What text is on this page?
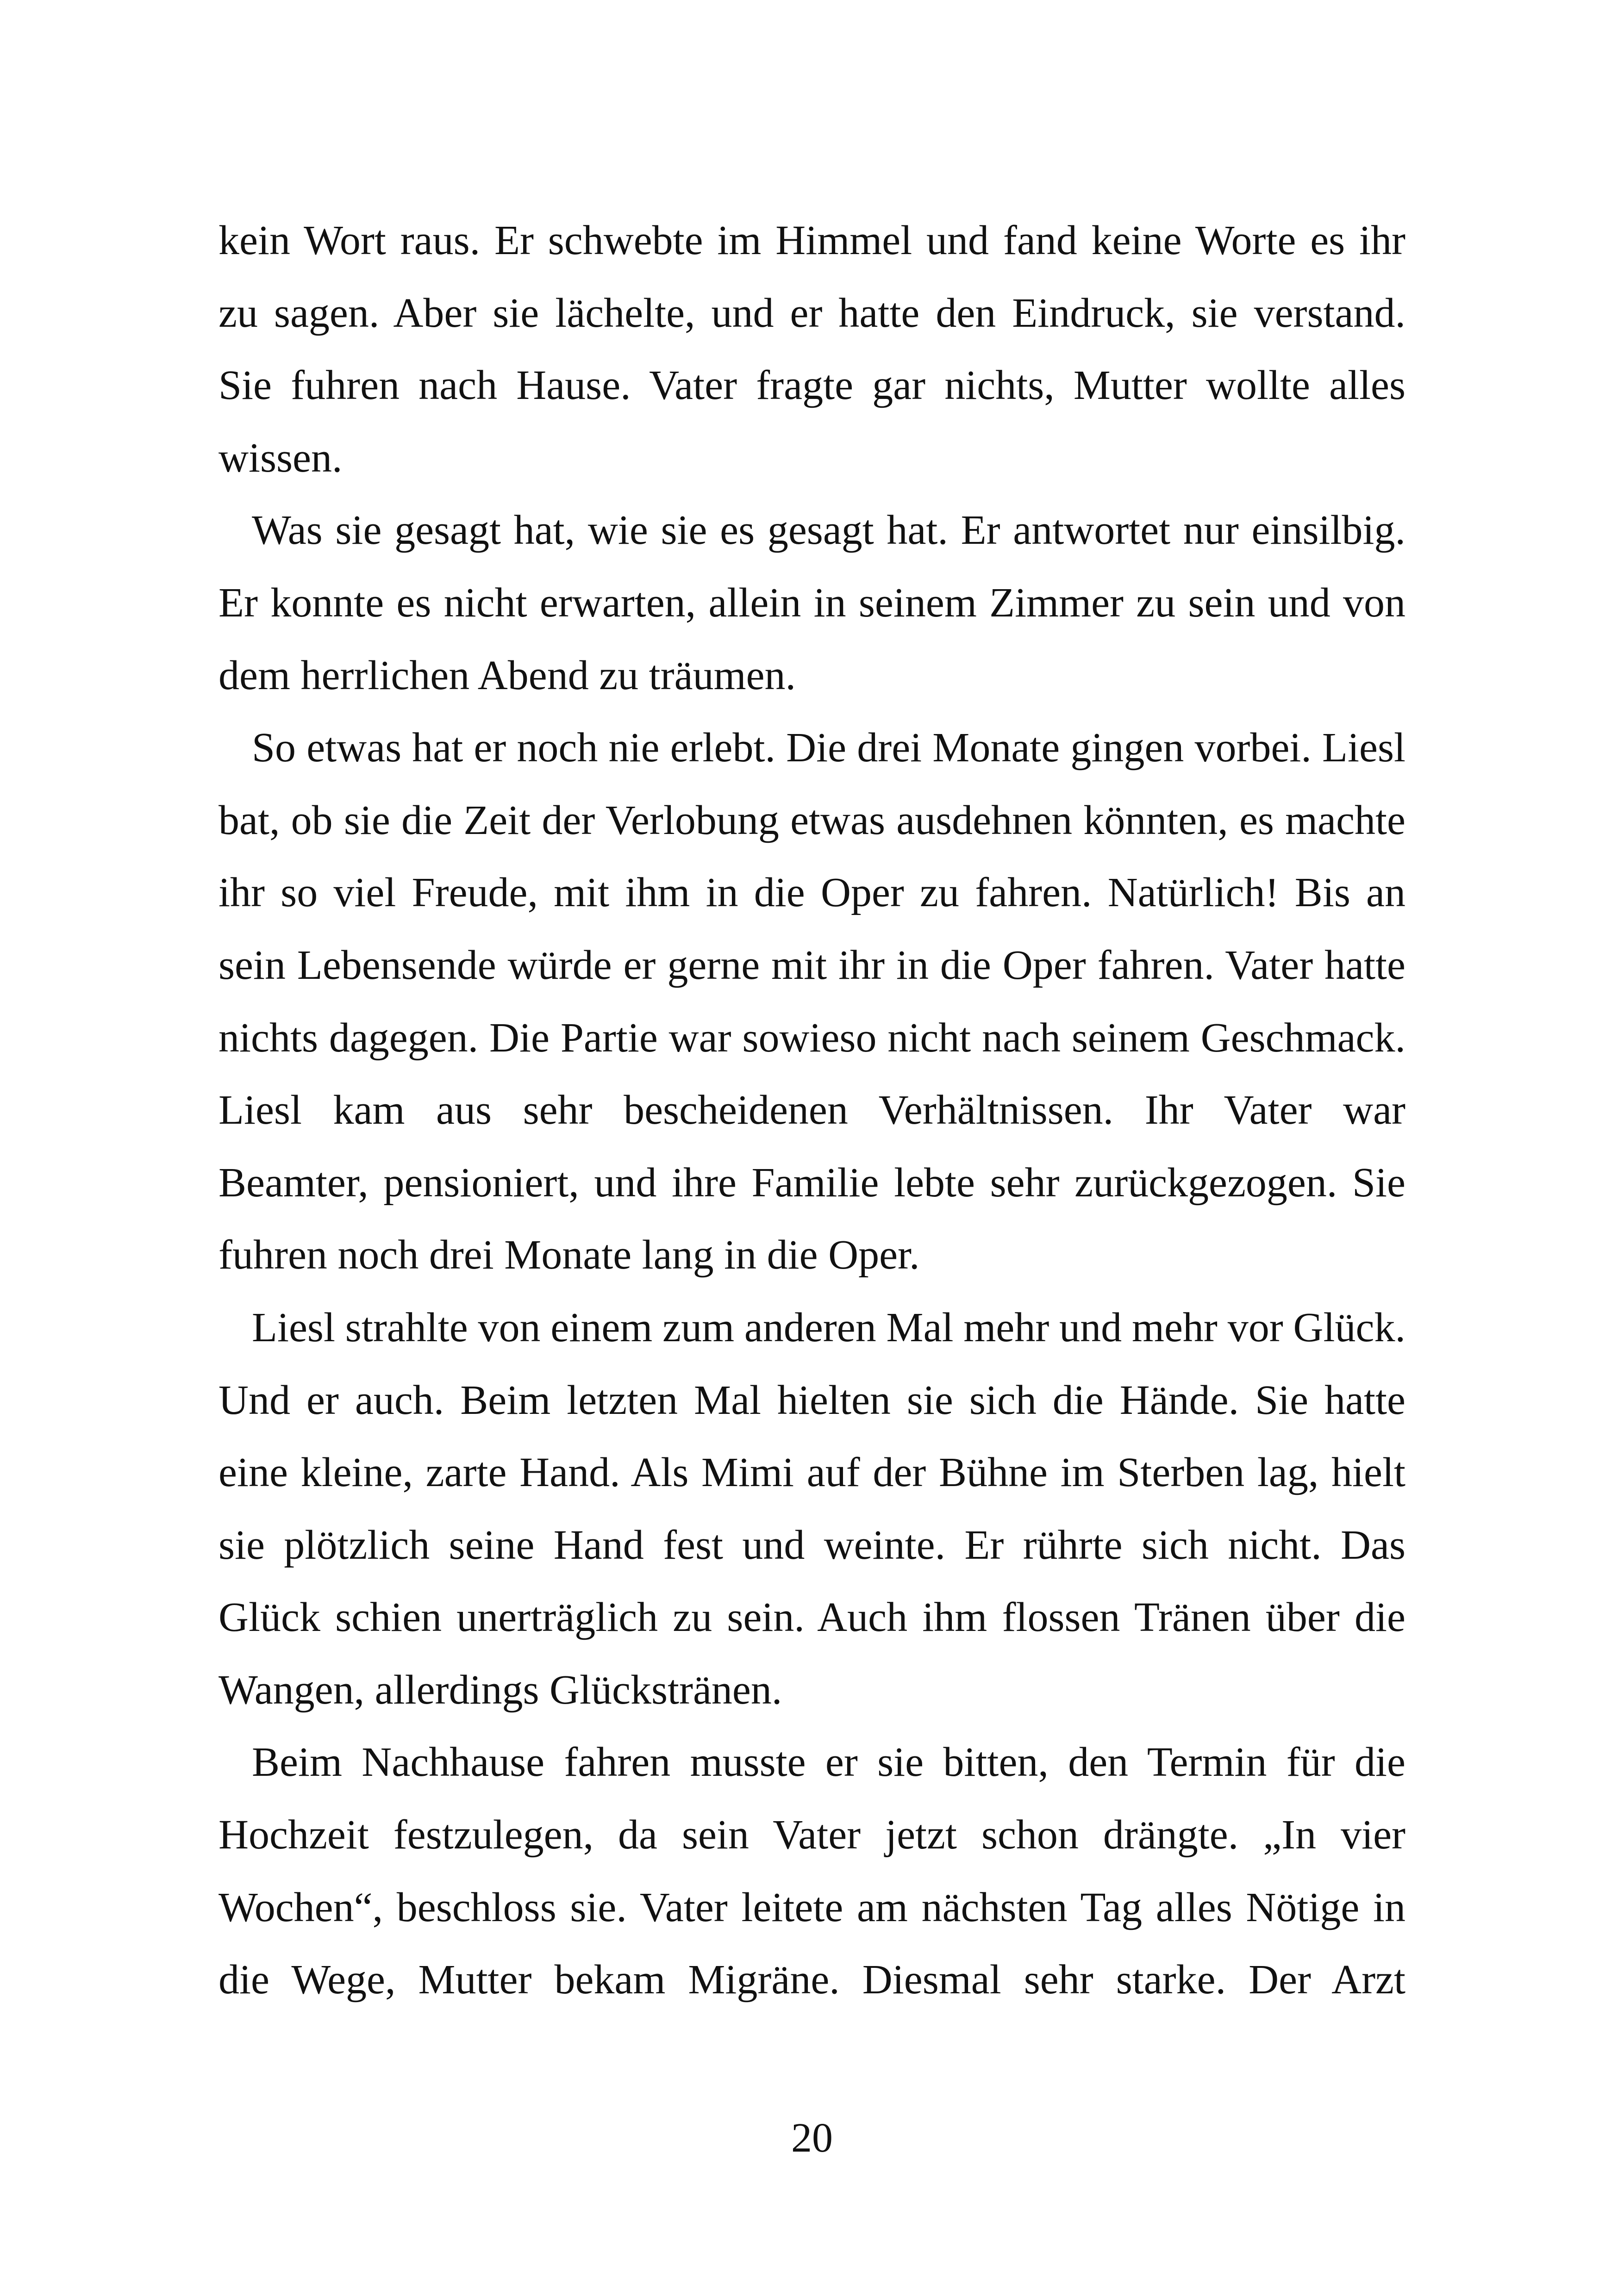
kein Wort raus. Er schwebte im Himmel und fand keine Worte es ihr
zu sagen. Aber sie lächelte, und er hatte den Eindruck, sie verstand.
Sie fuhren nach Hause. Vater fragte gar nichts, Mutter wollte alles
wissen.
Was sie gesagt hat, wie sie es gesagt hat. Er antwortet nur einsilbig.
Er konnte es nicht erwarten, allein in seinem Zimmer zu sein und von
dem herrlichen Abend zu träumen.
So etwas hat er noch nie erlebt. Die drei Monate gingen vorbei. Liesl
bat, ob sie die Zeit der Verlobung etwas ausdehnen könnten, es machte
ihr so viel Freude, mit ihm in die Oper zu fahren. Natürlich! Bis an
sein Lebensende würde er gerne mit ihr in die Oper fahren. Vater hatte
nichts dagegen. Die Partie war sowieso nicht nach seinem Geschmack.
Liesl kam aus sehr bescheidenen Verhältnissen. Ihr Vater war
Beamter, pensioniert, und ihre Familie lebte sehr zurückgezogen. Sie
fuhren noch drei Monate lang in die Oper.
Liesl strahlte von einem zum anderen Mal mehr und mehr vor Glück.
Und er auch. Beim letzten Mal hielten sie sich die Hände. Sie hatte
eine kleine, zarte Hand. Als Mimi auf der Bühne im Sterben lag, hielt
sie plötzlich seine Hand fest und weinte. Er rührte sich nicht. Das
Glück schien unerträglich zu sein. Auch ihm flossen Tränen über die
Wangen, allerdings Glückstränen.
Beim Nachhause fahren musste er sie bitten, den Termin für die
Hochzeit festzulegen, da sein Vater jetzt schon drängte. „In vier
Wochen“, beschloss sie. Vater leitete am nächsten Tag alles Nötige in
die Wege, Mutter bekam Migräne. Diesmal sehr starke. Der Arzt
20
